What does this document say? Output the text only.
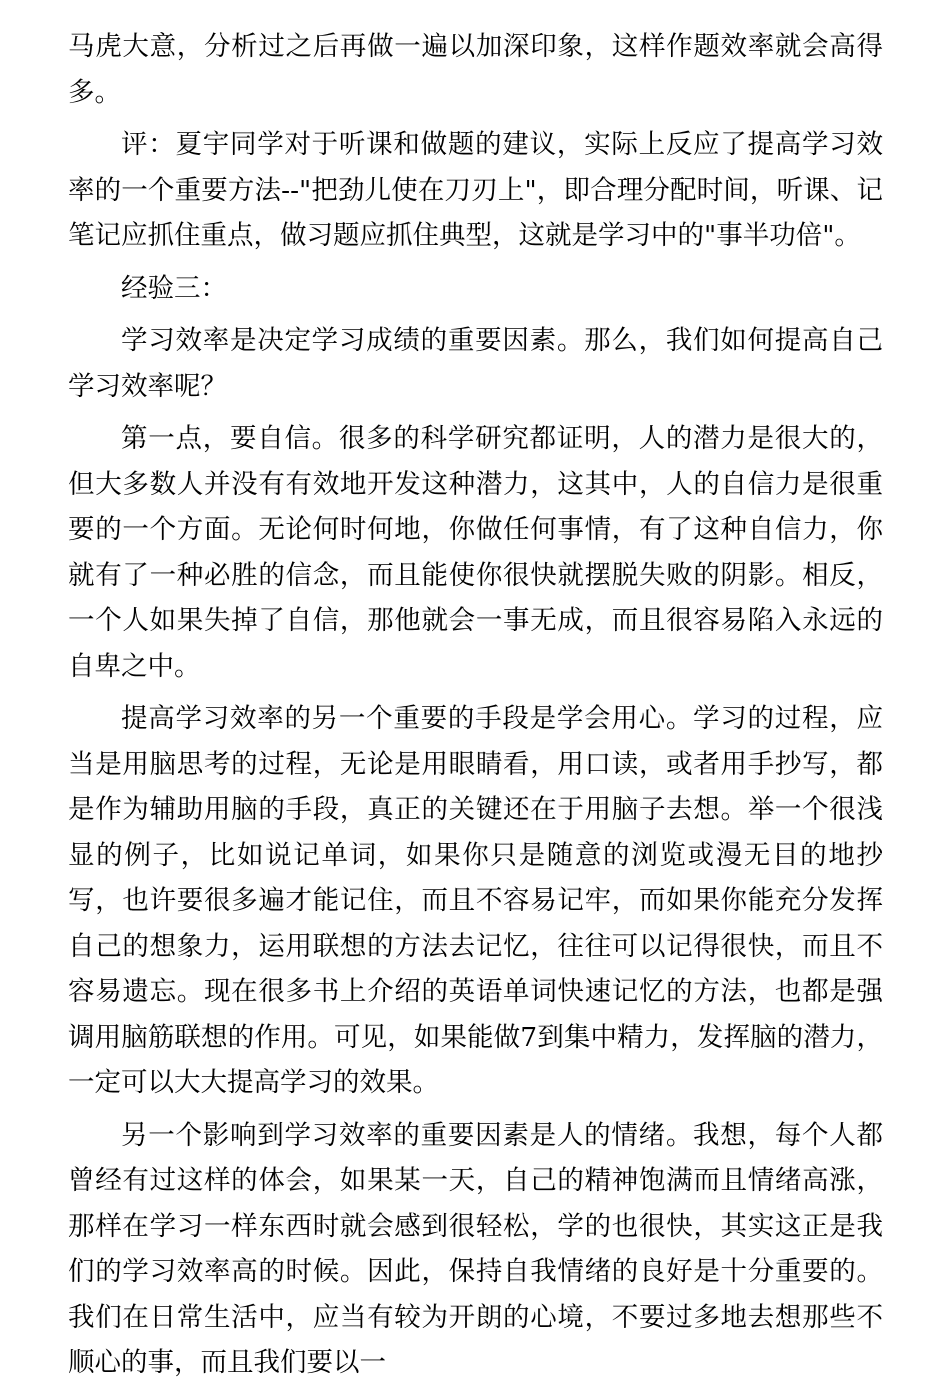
马虎大意，分析过之后再做一遍以加深印象，这样作题效率就会高得多。

评：夏宇同学对于听课和做题的建议，实际上反应了提高学习效率的一个重要方法--"把劲儿使在刀刃上"，即合理分配时间，听课、记笔记应抓住重点，做习题应抓住典型，这就是学习中的"事半功倍"。

经验三：

学习效率是决定学习成绩的重要因素。那么，我们如何提高自己学习效率呢？

第一点，要自信。很多的科学研究都证明，人的潜力是很大的，但大多数人并没有有效地开发这种潜力，这其中，人的自信力是很重要的一个方面。无论何时何地，你做任何事情，有了这种自信力，你就有了一种必胜的信念，而且能使你很快就摆脱失败的阴影。相反，一个人如果失掉了自信，那他就会一事无成，而且很容易陷入永远的自卑之中。

提高学习效率的另一个重要的手段是学会用心。学习的过程，应当是用脑思考的过程，无论是用眼睛看，用口读，或者用手抄写，都是作为辅助用脑的手段，真正的关键还在于用脑子去想。举一个很浅显的例子，比如说记单词，如果你只是随意的浏览或漫无目的地抄写，也许要很多遍才能记住，而且不容易记牢，而如果你能充分发挥自己的想象力，运用联想的方法去记忆，往往可以记得很快，而且不容易遗忘。现在很多书上介绍的英语单词快速记忆的方法，也都是强调用脑筋联想的作用。可见，如果能做7到集中精力，发挥脑的潜力，一定可以大大提高学习的效果。

另一个影响到学习效率的重要因素是人的情绪。我想，每个人都曾经有过这样的体会，如果某一天，自己的精神饱满而且情绪高涨，那样在学习一样东西时就会感到很轻松，学的也很快，其实这正是我们的学习效率高的时候。因此，保持自我情绪的良好是十分重要的。我们在日常生活中，应当有较为开朗的心境，不要过多地去想那些不顺心的事，而且我们要以一
